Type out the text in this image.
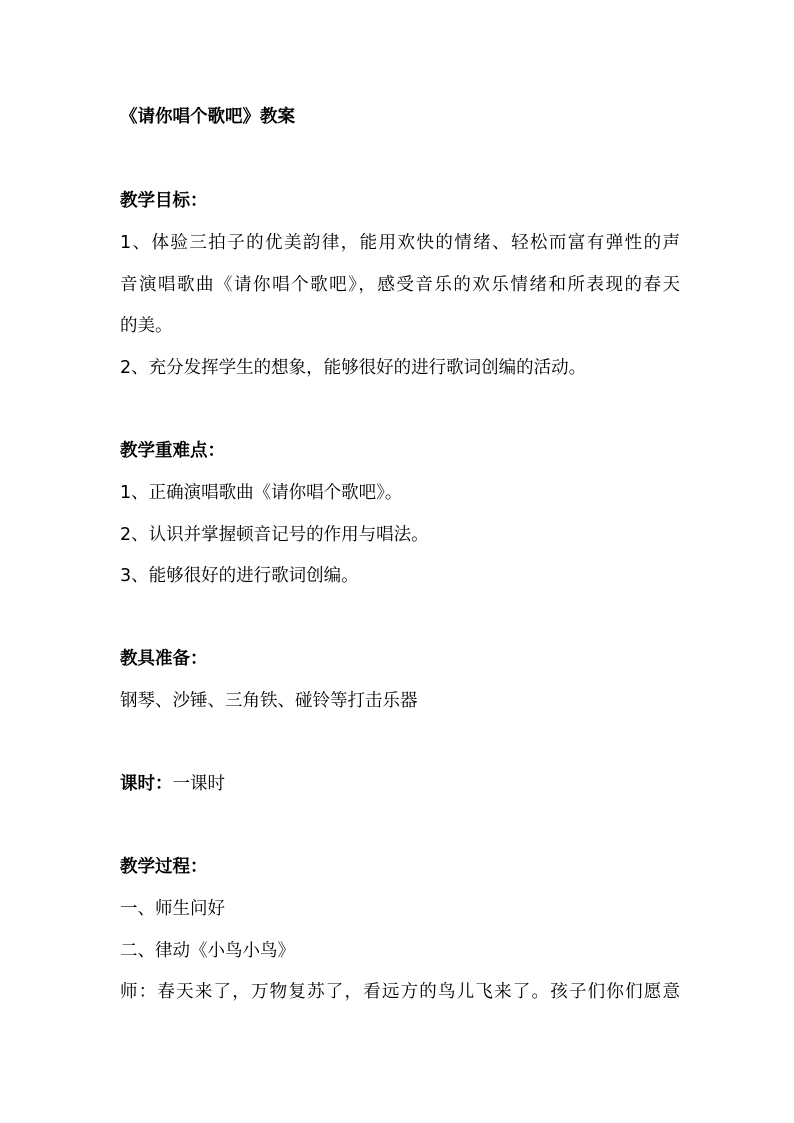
《请你唱个歌吧》教案
教学目标：
1、体验三拍子的优美韵律，能用欢快的情绪、轻松而富有弹性的声
音演唱歌曲《请你唱个歌吧》，感受音乐的欢乐情绪和所表现的春天
的美。
2、充分发挥学生的想象，能够很好的进行歌词创编的活动。
教学重难点：
1、正确演唱歌曲《请你唱个歌吧》。
2、认识并掌握顿音记号的作用与唱法。
3、能够很好的进行歌词创编。
教具准备：
钢琴、沙锤、三角铁、碰铃等打击乐器
课时：一课时
教学过程：
一、师生问好
二、律动《小鸟小鸟》
师：春天来了，万物复苏了，看远方的鸟儿飞来了。孩子们你们愿意
